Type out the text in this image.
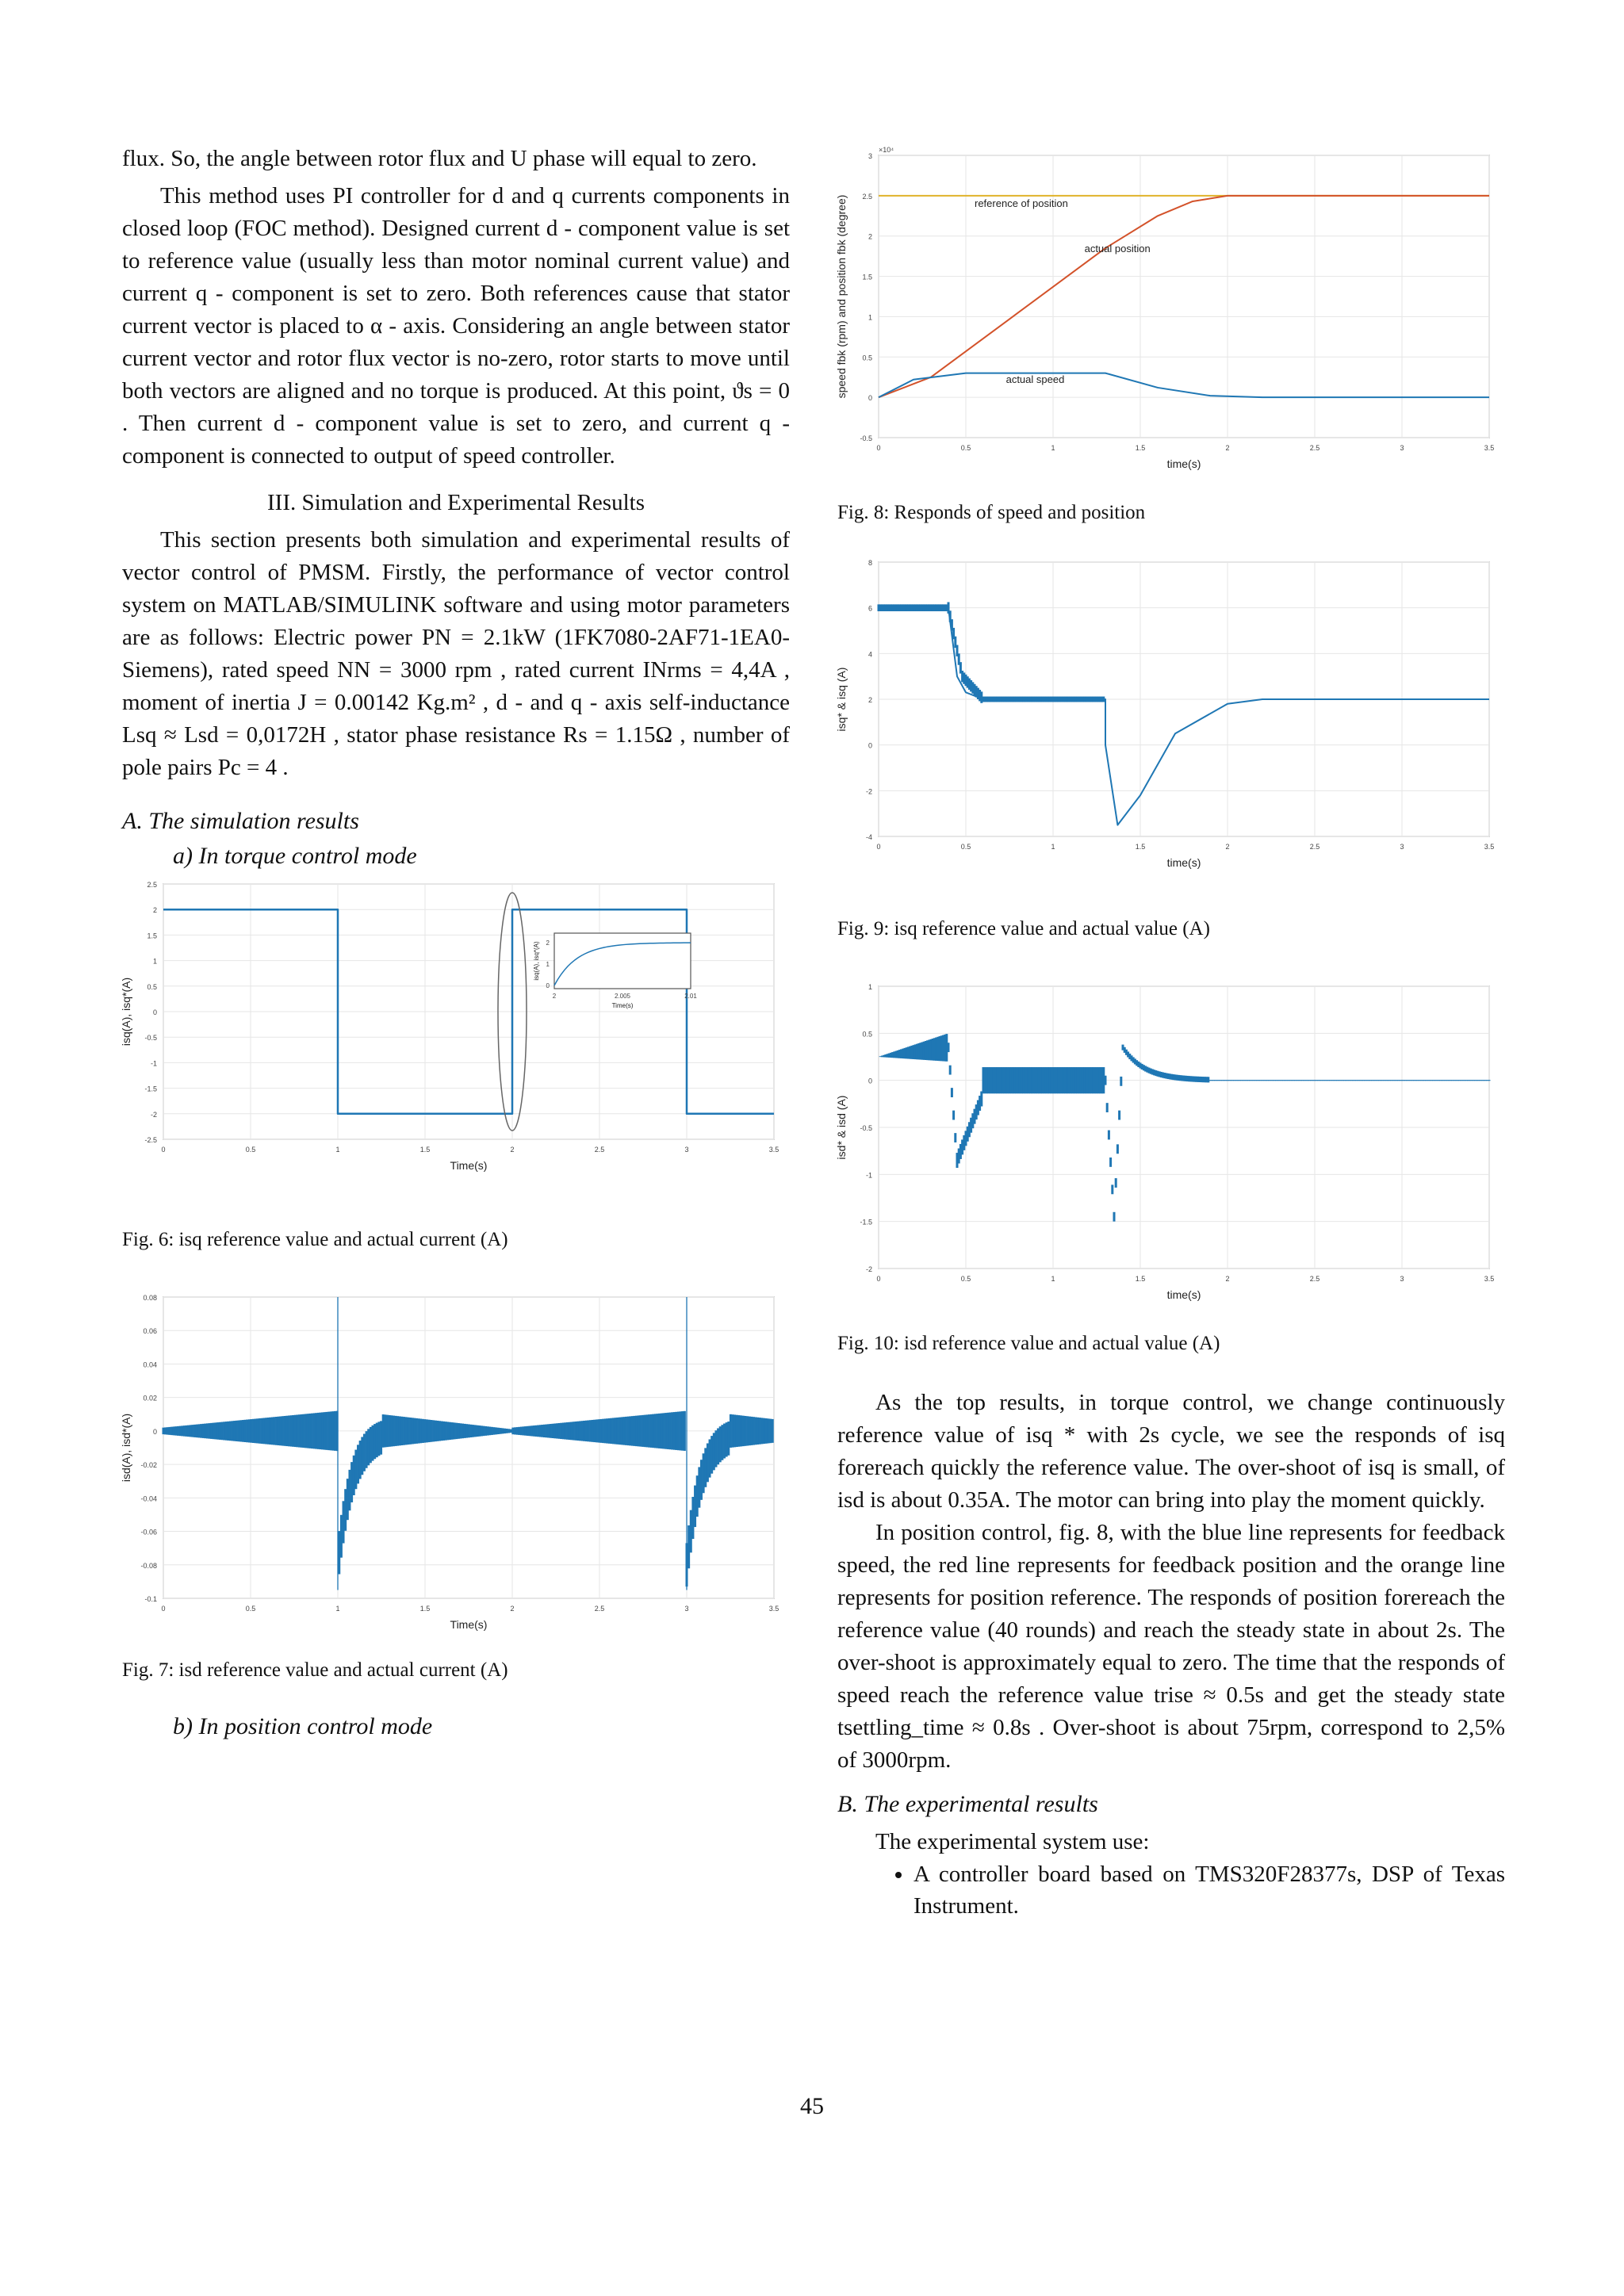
flux. So, the angle between rotor flux and U phase will equal to zero.

This method uses PI controller for d and q currents components in closed loop (FOC method). Designed current d - component value is set to reference value (usually less than motor nominal current value) and current q - component is set to zero. Both references cause that stator current vector is placed to α - axis. Considering an angle between stator current vector and rotor flux vector is no-zero, rotor starts to move until both vectors are aligned and no torque is produced. At this point, ϑs = 0 . Then current d - component value is set to zero, and current q - component is connected to output of speed controller.

III. Simulation and Experimental Results

This section presents both simulation and experimental results of vector control of PMSM. Firstly, the performance of vector control system on MATLAB/SIMULINK software and using motor parameters are as follows: Electric power PN = 2.1kW (1FK7080-2AF71-1EA0-Siemens), rated speed NN = 3000 rpm , rated current INrms = 4,4A , moment of inertia J = 0.00142 Kg.m² , d - and q - axis self-inductance Lsq ≈ Lsd = 0,0172H , stator phase resistance Rs = 1.15Ω , number of pole pairs Pc = 4 .

A. The simulation results
a) In torque control mode
0	0.5	1	1.5	2	2.5	3	3.5
-2.5
-2
-1.5
-1
-0.5
0
0.5
1
1.5
2
2.5
Time(s)
isq(A), isq*(A)	2	2.005	2.01
0
1
2
Time(s)
isq(A), isq*(A)

Fig. 6: isq reference value and actual current (A)

0	0.5	1	1.5	2	2.5	3	3.5
-0.1
-0.08
-0.06
-0.04
-0.02
0
0.02
0.04
0.06
0.08
Time(s)
isd(A), isd*(A)

Fig. 7: isd reference value and actual current (A)

b) In position control mode
0	0.5	1	1.5	2	2.5	3	3.5
-0.5
0
0.5
1
1.5
2
2.5
3
time(s)
speed fbk (rpm) and position fbk (degree)
×10⁴
reference of position
actual position
actual speed

Fig. 8: Responds of speed and position

0	0.5	1	1.5	2	2.5	3	3.5
-4
-2
0
2
4
6
8
time(s)
isq* & isq (A)

Fig. 9: isq reference value and actual value (A)

0	0.5	1	1.5	2	2.5	3	3.5
-2
-1.5
-1
-0.5
0
0.5
1
time(s)
isd* & isd (A)

Fig. 10: isd reference value and actual value (A)

As the top results, in torque control, we change continuously reference value of isq * with 2s cycle, we see the responds of isq forereach quickly the reference value. The over-shoot of isq is small, of isd is about 0.35A. The motor can bring into play the moment quickly.

In position control, fig. 8, with the blue line represents for feedback speed, the red line represents for feedback position and the orange line represents for position reference. The responds of position forereach the reference value (40 rounds) and reach the steady state in about 2s. The over-shoot is approximately equal to zero. The time that the responds of speed reach the reference value trise ≈ 0.5s and get the steady state tsettling_time ≈ 0.8s . Over-shoot is about 75rpm, correspond to 2,5% of 3000rpm.

B. The experimental results

The experimental system use:

• A controller board based on TMS320F28377s, DSP of Texas Instrument.
45
